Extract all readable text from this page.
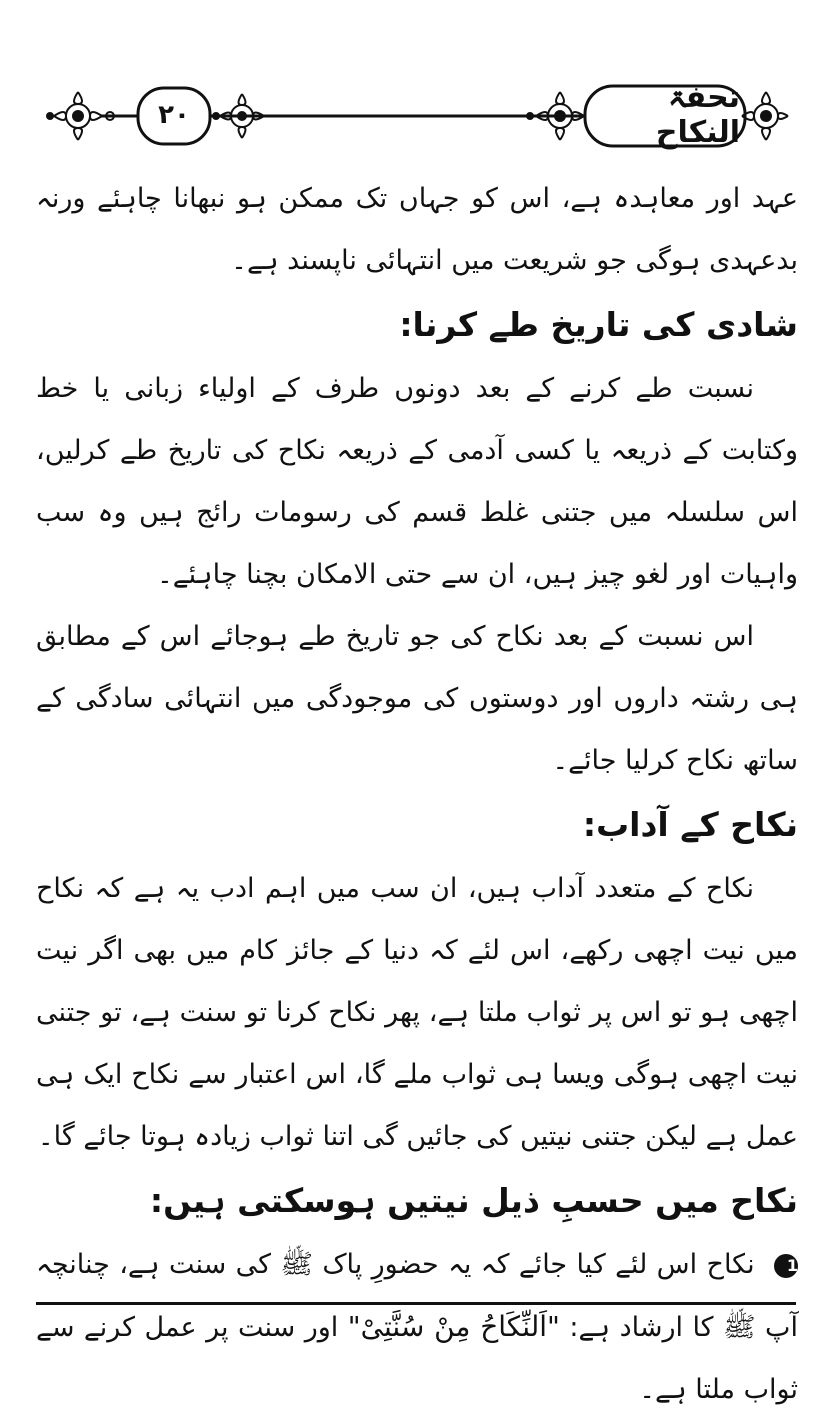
۲۰	تحفۃ النکاح

عہد اور معاہدہ ہے، اس کو جہاں تک ممکن ہو نبھانا چاہئے ورنہ بدعہدی ہوگی جو شریعت میں انتہائی ناپسند ہے۔

شادی کی تاریخ طے کرنا:

نسبت طے کرنے کے بعد دونوں طرف کے اولیاء زبانی یا خط وکتابت کے ذریعہ یا کسی آدمی کے ذریعہ نکاح کی تاریخ طے کرلیں، اس سلسلہ میں جتنی غلط قسم کی رسومات رائج ہیں وہ سب واہیات اور لغو چیز ہیں، ان سے حتی الامکان بچنا چاہئے۔

اس نسبت کے بعد نکاح کی جو تاریخ طے ہوجائے اس کے مطابق ہی رشتہ داروں اور دوستوں کی موجودگی میں انتہائی سادگی کے ساتھ نکاح کرلیا جائے۔

نکاح کے آداب:

نکاح کے متعدد آداب ہیں، ان سب میں اہم ادب یہ ہے کہ نکاح میں نیت اچھی رکھے، اس لئے کہ دنیا کے جائز کام میں بھی اگر نیت اچھی ہو تو اس پر ثواب ملتا ہے، پھر نکاح کرنا تو سنت ہے، تو جتنی نیت اچھی ہوگی ویسا ہی ثواب ملے گا، اس اعتبار سے نکاح ایک ہی عمل ہے لیکن جتنی نیتیں کی جائیں گی اتنا ثواب زیادہ ہوتا جائے گا۔

نکاح میں حسبِ ذیل نیتیں ہوسکتی ہیں:

1 نکاح اس لئے کیا جائے کہ یہ حضورِ پاک ﷺ کی سنت ہے، چنانچہ آپ ﷺ کا ارشاد ہے: "اَلنِّکَاحُ مِنْ سُنَّتِیْ" اور سنت پر عمل کرنے سے ثواب ملتا ہے۔
